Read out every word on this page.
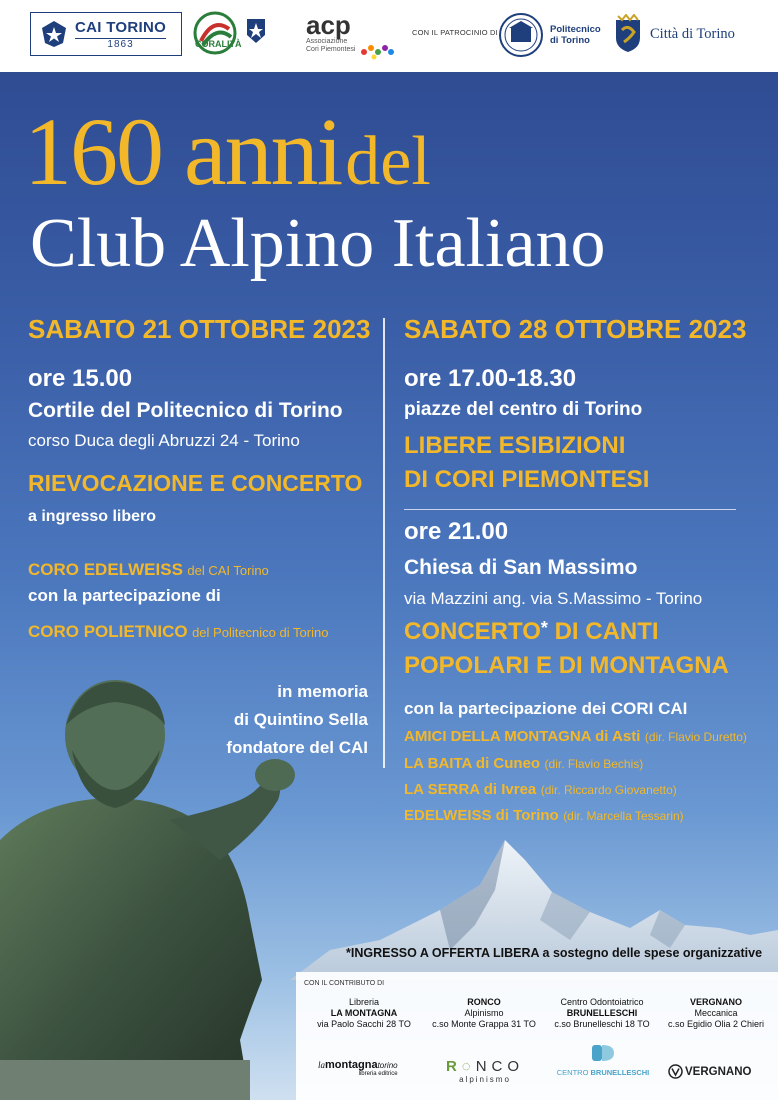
CAI TORINO
1863	CORALITÀ
acp
Associazione Cori Piemontesi
CON IL PATROCINIO DI	Politecnico
di Torino	Città di Torino
160 anni del
Club Alpino Italiano
SABATO 21 OTTOBRE 2023
ore 15.00
Cortile del Politecnico di Torino
corso Duca degli Abruzzi 24 - Torino
RIEVOCAZIONE E CONCERTO
a ingresso libero
CORO EDELWEISS del CAI Torino
con la partecipazione di
CORO POLIETNICO del Politecnico di Torino
in memoria
di Quintino Sella
fondatore del CAI
SABATO 28 OTTOBRE 2023
ore 17.00-18.30
piazze del centro di Torino
LIBERE ESIBIZIONI
DI CORI PIEMONTESI
ore 21.00
Chiesa di San Massimo
via Mazzini ang. via S.Massimo - Torino
CONCERTO* DI CANTI
POPOLARI E DI MONTAGNA
con la partecipazione dei CORI CAI
AMICI DELLA MONTAGNA di Asti (dir. Flavio Duretto)
LA BAITA di Cuneo (dir. Flavio Bechis)
LA SERRA di Ivrea (dir. Riccardo Giovanetto)
EDELWEISS di Torino (dir. Marcella Tessarin)
*INGRESSO A OFFERTA LIBERA a sostegno delle spese organizzative
CON IL CONTRIBUTO DI
Libreria
LA MONTAGNA
via Paolo Sacchi 28 TO
RONCO
Alpinismo
c.so Monte Grappa 31 TO
Centro Odontoiatrico
BRUNELLESCHI
c.so Brunelleschi 18 TO
VERGNANO
Meccanica
c.so Egidio Olia 2 Chieri
lamontagnatorino
libreria editrice	R◌NCO
alpinismo
CENTRO BRUNELLESCHI	VERGNANO
